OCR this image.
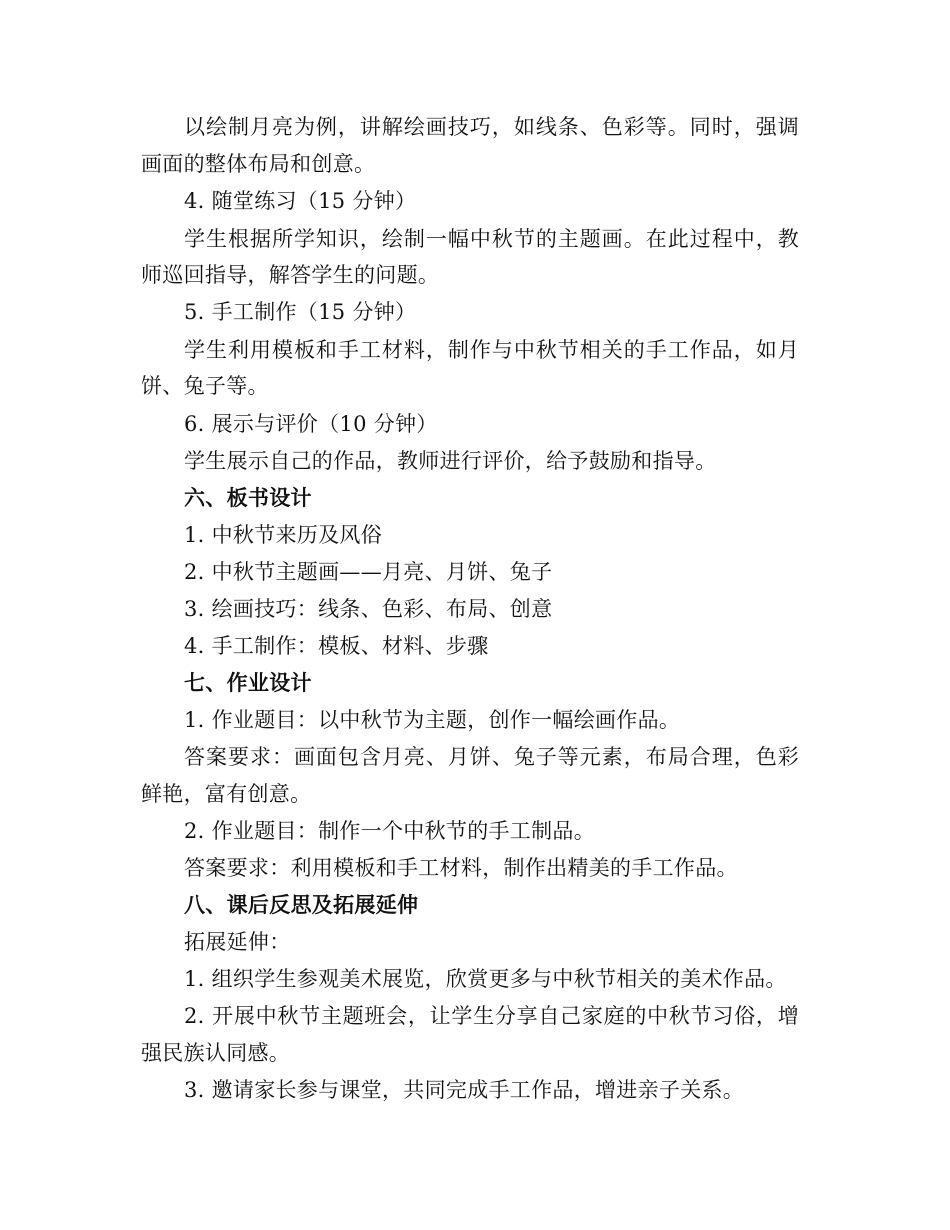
以绘制月亮为例，讲解绘画技巧，如线条、色彩等。同时，强调
画面的整体布局和创意。
4. 随堂练习（15 分钟）
学生根据所学知识，绘制一幅中秋节的主题画。在此过程中，教
师巡回指导，解答学生的问题。
5. 手工制作（15 分钟）
学生利用模板和手工材料，制作与中秋节相关的手工作品，如月
饼、兔子等。
6. 展示与评价（10 分钟）
学生展示自己的作品，教师进行评价，给予鼓励和指导。
六、板书设计
1. 中秋节来历及风俗
2. 中秋节主题画——月亮、月饼、兔子
3. 绘画技巧：线条、色彩、布局、创意
4. 手工制作：模板、材料、步骤
七、作业设计
1. 作业题目：以中秋节为主题，创作一幅绘画作品。
答案要求：画面包含月亮、月饼、兔子等元素，布局合理，色彩
鲜艳，富有创意。
2. 作业题目：制作一个中秋节的手工制品。
答案要求：利用模板和手工材料，制作出精美的手工作品。
八、课后反思及拓展延伸
拓展延伸：
1. 组织学生参观美术展览，欣赏更多与中秋节相关的美术作品。
2. 开展中秋节主题班会，让学生分享自己家庭的中秋节习俗，增
强民族认同感。
3. 邀请家长参与课堂，共同完成手工作品，增进亲子关系。
